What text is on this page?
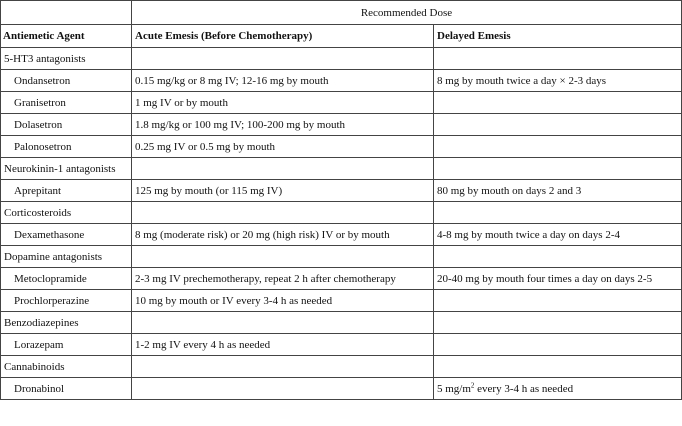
	Recommended Dose	
Antiemetic Agent	Acute Emesis (Before Chemotherapy)	Delayed Emesis
5-HT3 antagonists		
Ondansetron	0.15 mg/kg or 8 mg IV; 12-16 mg by mouth	8 mg by mouth twice a day × 2-3 days
Granisetron	1 mg IV or by mouth	
Dolasetron	1.8 mg/kg or 100 mg IV; 100-200 mg by mouth	
Palonosetron	0.25 mg IV or 0.5 mg by mouth	
Neurokinin-1 antagonists		
Aprepitant	125 mg by mouth (or 115 mg IV)	80 mg by mouth on days 2 and 3
Corticosteroids		
Dexamethasone	8 mg (moderate risk) or 20 mg (high risk) IV or by mouth	4-8 mg by mouth twice a day on days 2-4
Dopamine antagonists		
Metoclopramide	2-3 mg IV prechemotherapy, repeat 2 h after chemotherapy	20-40 mg by mouth four times a day on days 2-5
Prochlorperazine	10 mg by mouth or IV every 3-4 h as needed	
Benzodiazepines		
Lorazepam	1-2 mg IV every 4 h as needed	
Cannabinoids		
Dronabinol		5 $mg/m^2$ every 3-4 h as needed
